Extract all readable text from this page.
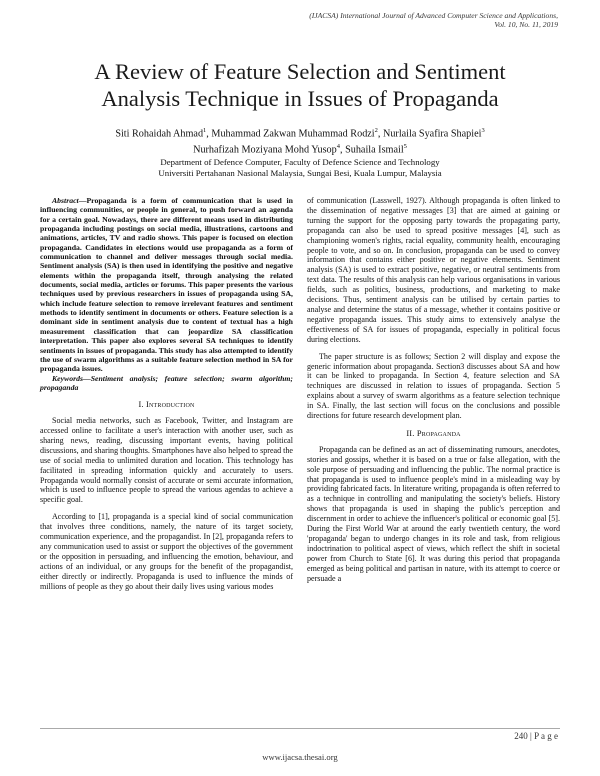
(IJACSA) International Journal of Advanced Computer Science and Applications,
Vol. 10, No. 11, 2019
A Review of Feature Selection and Sentiment
Analysis Technique in Issues of Propaganda
Siti Rohaidah Ahmad$^1$, Muhammad Zakwan Muhammad Rodzi$^2$, Nurlaila Syafira Shapiei$^3$
Nurhafizah Moziyana Mohd Yusop$^4$, Suhaila Ismail$^5$
Department of Defence Computer, Faculty of Defence Science and Technology
Universiti Pertahanan Nasional Malaysia, Sungai Besi, Kuala Lumpur, Malaysia

Abstract—Propaganda is a form of communication that is used in influencing communities, or people in general, to push forward an agenda for a certain goal. Nowadays, there are different means used in distributing propaganda including postings on social media, illustrations, cartoons and animations, articles, TV and radio shows. This paper is focused on election propaganda. Candidates in elections would use propaganda as a form of communication to channel and deliver messages through social media. Sentiment analysis (SA) is then used in identifying the positive and negative elements within the propaganda itself, through analysing the related documents, social media, articles or forums. This paper presents the various techniques used by previous researchers in issues of propaganda using SA, which include feature selection to remove irrelevant features and sentiment methods to identify sentiment in documents or others. Feature selection is a dominant side in sentiment analysis due to content of textual has a high measurement classification that can jeopardize SA classification interpretation. This paper also explores several SA techniques to identify sentiments in issues of propaganda. This study has also attempted to identify the use of swarm algorithms as a suitable feature selection method in SA for propaganda issues.

Keywords—Sentiment analysis; feature selection; swarm algorithm; propaganda

I. Introduction

Social media networks, such as Facebook, Twitter, and Instagram are accessed online to facilitate a user's interaction with another user, such as sharing news, reading, discussing important events, having political discussions, and sharing thoughts. Smartphones have also helped to spread the use of social media to unlimited duration and location. This technology has facilitated in spreading information quickly and accurately to users. Propaganda would normally consist of accurate or semi accurate information, which is used to influence people to spread the various agendas to achieve a specific goal.

According to [1], propaganda is a special kind of social communication that involves three conditions, namely, the nature of its target society, communication experience, and the propagandist. In [2], propaganda refers to any communication used to assist or support the objectives of the government or the opposition in persuading, and influencing the emotion, behaviour, and actions of an individual, or any groups for the benefit of the propagandist, either directly or indirectly. Propaganda is used to influence the minds of millions of people as they go about their daily lives using various modes

of communication (Lasswell, 1927). Although propaganda is often linked to the dissemination of negative messages [3] that are aimed at gaining or turning the support for the opposing party towards the propagating party, propaganda can also be used to spread positive messages [4], such as championing women's rights, racial equality, community health, encouraging people to vote, and so on. In conclusion, propaganda can be used to convey information that contains either positive or negative elements. Sentiment analysis (SA) is used to extract positive, negative, or neutral sentiments from text data. The results of this analysis can help various organisations in various fields, such as politics, business, productions, and marketing to make decisions. Thus, sentiment analysis can be utilised by certain parties to analyse and determine the status of a message, whether it contains positive or negative propaganda issues. This study aims to extensively analyse the effectiveness of SA for issues of propaganda, especially in political focus during elections.

The paper structure is as follows; Section 2 will display and expose the generic information about propaganda. Section3 discusses about SA and how it can be linked to propaganda. In Section 4, feature selection and SA techniques are discussed in relation to issues of propaganda. Section 5 explains about a survey of swarm algorithms as a feature selection technique in SA. Finally, the last section will focus on the conclusions and possible directions for future research development plan.

II. Propaganda

Propaganda can be defined as an act of disseminating rumours, anecdotes, stories and gossips, whether it is based on a true or false allegation, with the sole purpose of persuading and influencing the public. The normal practice is that propaganda is used to influence people's mind in a misleading way by providing fabricated facts. In literature writing, propaganda is often referred to as a technique in controlling and manipulating the society's beliefs. History shows that propaganda is used in shaping the public's perception and discernment in order to achieve the influencer's political or economic goal [5]. During the First World War at around the early twentieth century, the word 'propaganda' began to undergo changes in its role and task, from religious indoctrination to political aspect of views, which reflect the shift in societal power from Church to State [6]. It was during this period that propaganda emerged as being political and partisan in nature, with its attempt to coerce or persuade a

240 | P a g e
www.ijacsa.thesai.org
